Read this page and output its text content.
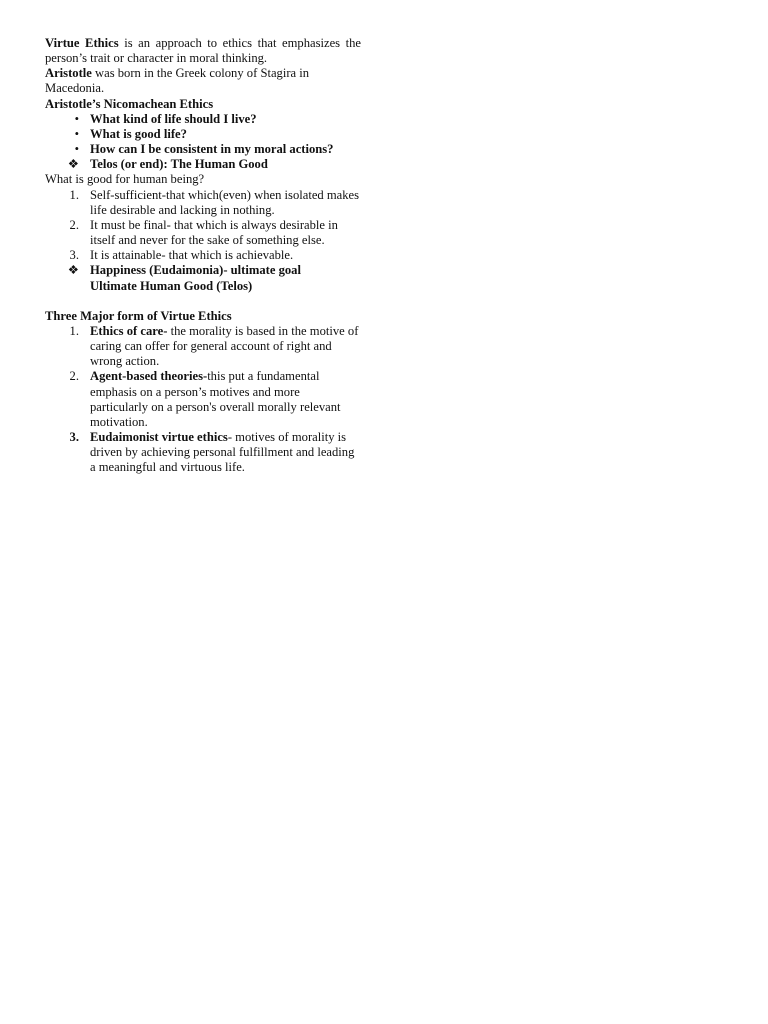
Virtue Ethics is an approach to ethics that emphasizes the person’s trait or character in moral thinking.

Aristotle was born in the Greek colony of Stagira in Macedonia.

Aristotle’s Nicomachean Ethics

• What kind of life should I live?
• What is good life?
• How can I be consistent in my moral actions?
❖ Telos (or end): The Human Good

What is good for human being?

1. Self-sufficient-that which(even) when isolated makes life desirable and lacking in nothing.
2. It must be final- that which is always desirable in itself and never for the sake of something else.
3. It is attainable- that which is achievable.
❖ Happiness (Eudaimonia)- ultimate goal
Ultimate Human Good (Telos)

Three Major form of Virtue Ethics

1. Ethics of care- the morality is based in the motive of caring can offer for general account of right and wrong action.
2. Agent-based theories-this put a fundamental emphasis on a person’s motives and more particularly on a person's overall morally relevant motivation.
3. Eudaimonist virtue ethics- motives of morality is driven by achieving personal fulfillment and leading a meaningful and virtuous life.
